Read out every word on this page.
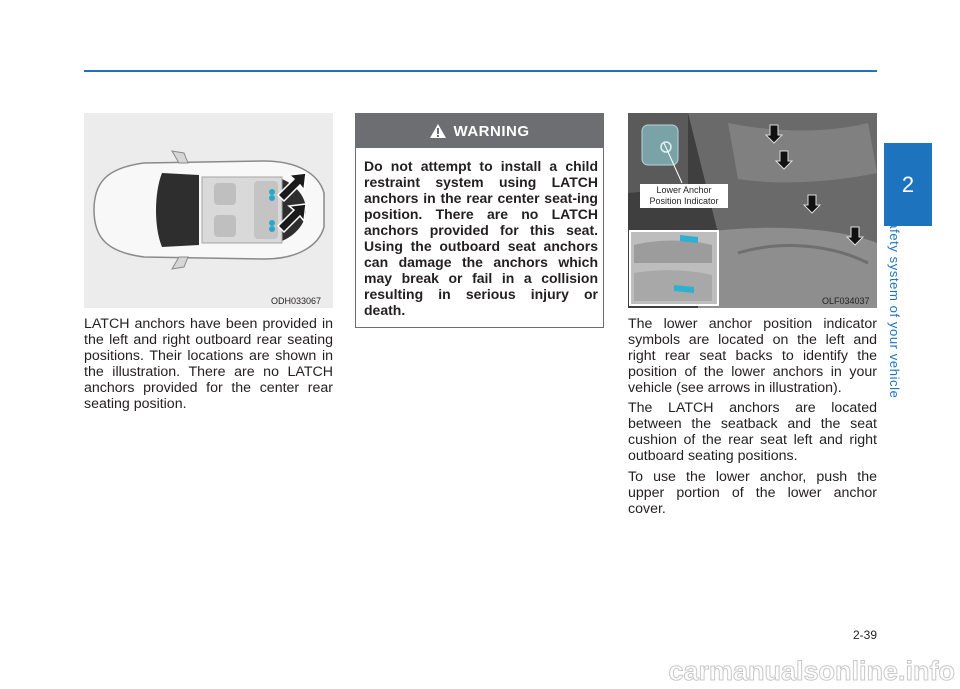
ODH033067

LATCH anchors have been provided in the left and right outboard rear seating positions. Their locations are shown in the illustration. There are no LATCH anchors provided for the center rear seating position.

WARNING

Do not attempt to install a child restraint system using LATCH anchors in the rear center seat-ing position. There are no LATCH anchors provided for this seat. Using the outboard seat anchors can damage the anchors which may break or fail in a collision resulting in serious injury or death.

Lower Anchor
Position Indicator
OLF034037

The lower anchor position indicator symbols are located on the left and right rear seat backs to identify the position of the lower anchors in your vehicle (see arrows in illustration).

The LATCH anchors are located between the seatback and the seat cushion of the rear seat left and right outboard seating positions.

To use the lower anchor, push the upper portion of the lower anchor cover.

2
Safety system of your vehicle
2-39
carmanualsonline.info
